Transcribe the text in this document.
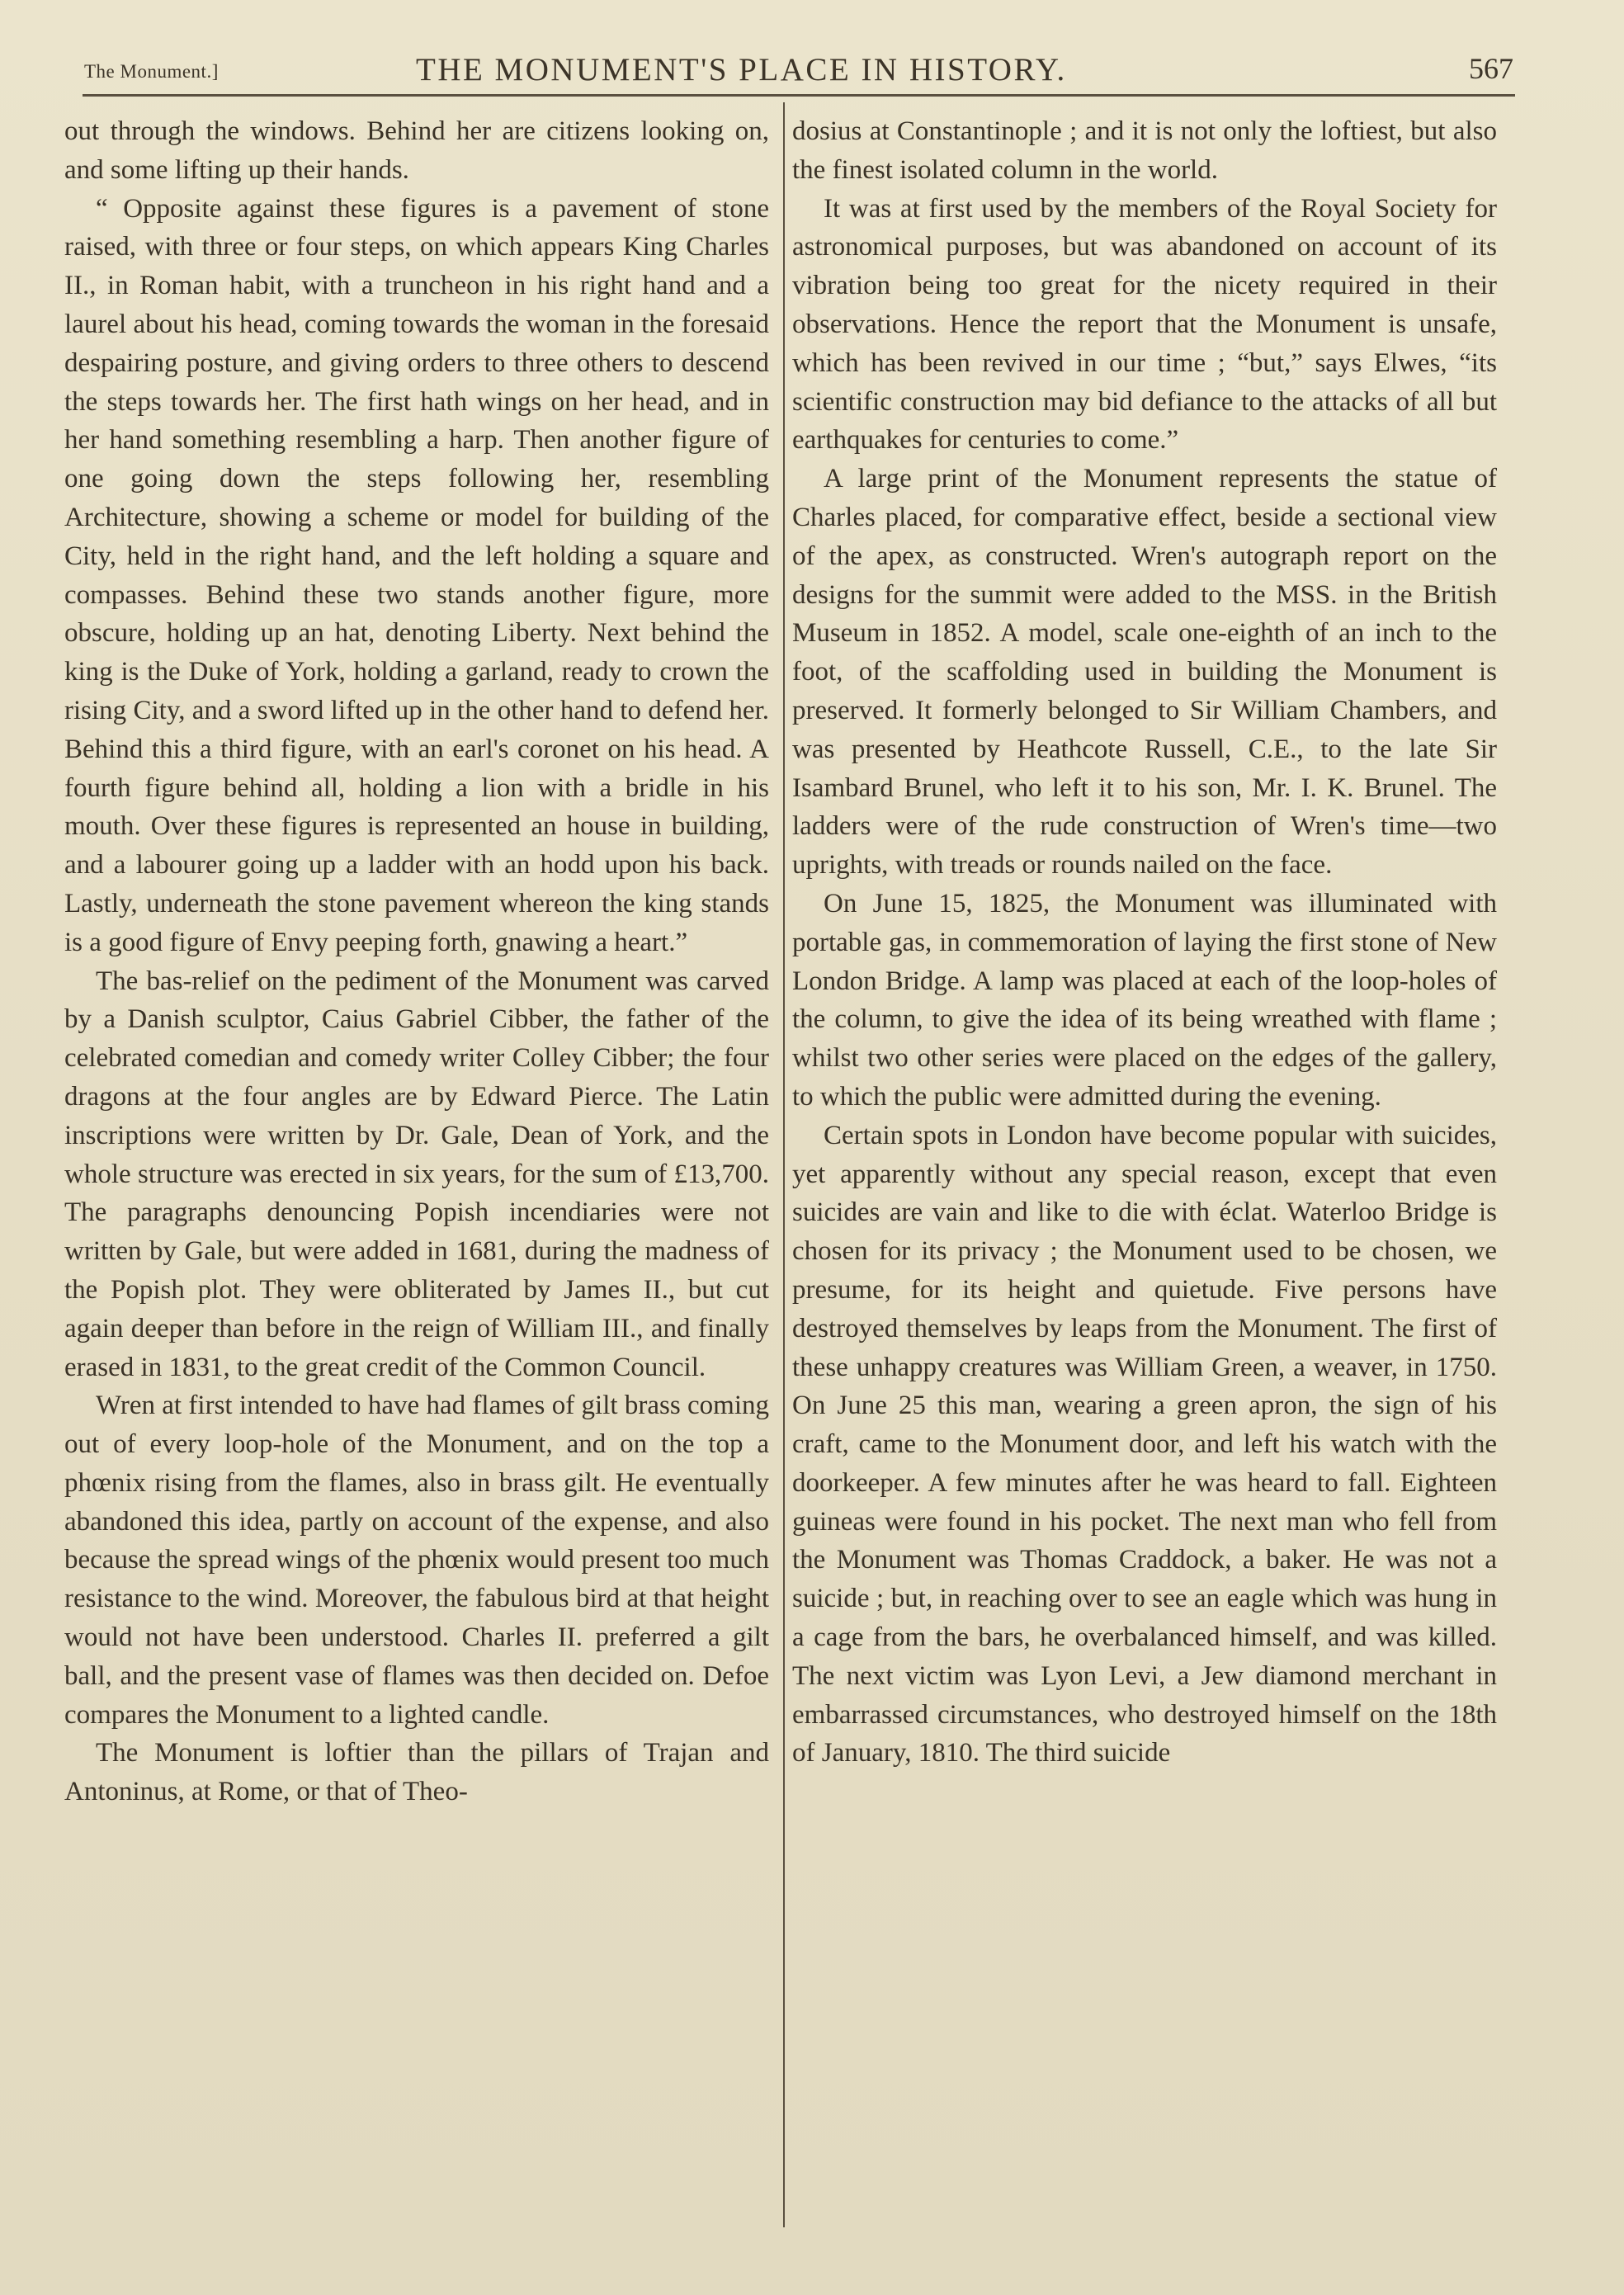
The Monument.]	THE MONUMENT'S PLACE IN HISTORY.	567

out through the windows. Behind her are citizens looking on, and some lifting up their hands.

“ Opposite against these figures is a pavement of stone raised, with three or four steps, on which appears King Charles II., in Roman habit, with a truncheon in his right hand and a laurel about his head, coming towards the woman in the foresaid despairing posture, and giving orders to three others to descend the steps towards her. The first hath wings on her head, and in her hand something resembling a harp. Then another figure of one going down the steps following her, resembling Architecture, showing a scheme or model for building of the City, held in the right hand, and the left holding a square and compasses. Behind these two stands another figure, more obscure, holding up an hat, denoting Liberty. Next behind the king is the Duke of York, holding a garland, ready to crown the rising City, and a sword lifted up in the other hand to defend her. Behind this a third figure, with an earl's coronet on his head. A fourth figure behind all, holding a lion with a bridle in his mouth. Over these figures is represented an house in building, and a labourer going up a ladder with an hodd upon his back. Lastly, underneath the stone pavement whereon the king stands is a good figure of Envy peeping forth, gnawing a heart.”

The bas-relief on the pediment of the Monument was carved by a Danish sculptor, Caius Gabriel Cibber, the father of the celebrated comedian and comedy writer Colley Cibber; the four dragons at the four angles are by Edward Pierce. The Latin inscriptions were written by Dr. Gale, Dean of York, and the whole structure was erected in six years, for the sum of £13,700. The paragraphs denouncing Popish incendiaries were not written by Gale, but were added in 1681, during the madness of the Popish plot. They were obliterated by James II., but cut again deeper than before in the reign of William III., and finally erased in 1831, to the great credit of the Common Council.

Wren at first intended to have had flames of gilt brass coming out of every loop-hole of the Monument, and on the top a phœnix rising from the flames, also in brass gilt. He eventually abandoned this idea, partly on account of the expense, and also because the spread wings of the phœnix would present too much resistance to the wind. Moreover, the fabulous bird at that height would not have been understood. Charles II. preferred a gilt ball, and the present vase of flames was then decided on. Defoe compares the Monument to a lighted candle.

The Monument is loftier than the pillars of Trajan and Antoninus, at Rome, or that of Theo-

dosius at Constantinople ; and it is not only the loftiest, but also the finest isolated column in the world.

It was at first used by the members of the Royal Society for astronomical purposes, but was abandoned on account of its vibration being too great for the nicety required in their observations. Hence the report that the Monument is unsafe, which has been revived in our time ; “but,” says Elwes, “its scientific construction may bid defiance to the attacks of all but earthquakes for centuries to come.”

A large print of the Monument represents the statue of Charles placed, for comparative effect, beside a sectional view of the apex, as constructed. Wren's autograph report on the designs for the summit were added to the MSS. in the British Museum in 1852. A model, scale one-eighth of an inch to the foot, of the scaffolding used in building the Monument is preserved. It formerly belonged to Sir William Chambers, and was presented by Heathcote Russell, C.E., to the late Sir Isambard Brunel, who left it to his son, Mr. I. K. Brunel. The ladders were of the rude construction of Wren's time—two uprights, with treads or rounds nailed on the face.

On June 15, 1825, the Monument was illuminated with portable gas, in commemoration of laying the first stone of New London Bridge. A lamp was placed at each of the loop-holes of the column, to give the idea of its being wreathed with flame ; whilst two other series were placed on the edges of the gallery, to which the public were admitted during the evening.

Certain spots in London have become popular with suicides, yet apparently without any special reason, except that even suicides are vain and like to die with éclat. Waterloo Bridge is chosen for its privacy ; the Monument used to be chosen, we presume, for its height and quietude. Five persons have destroyed themselves by leaps from the Monument. The first of these unhappy creatures was William Green, a weaver, in 1750. On June 25 this man, wearing a green apron, the sign of his craft, came to the Monument door, and left his watch with the doorkeeper. A few minutes after he was heard to fall. Eighteen guineas were found in his pocket. The next man who fell from the Monument was Thomas Craddock, a baker. He was not a suicide ; but, in reaching over to see an eagle which was hung in a cage from the bars, he overbalanced himself, and was killed. The next victim was Lyon Levi, a Jew diamond merchant in embarrassed circumstances, who destroyed himself on the 18th of January, 1810. The third suicide
